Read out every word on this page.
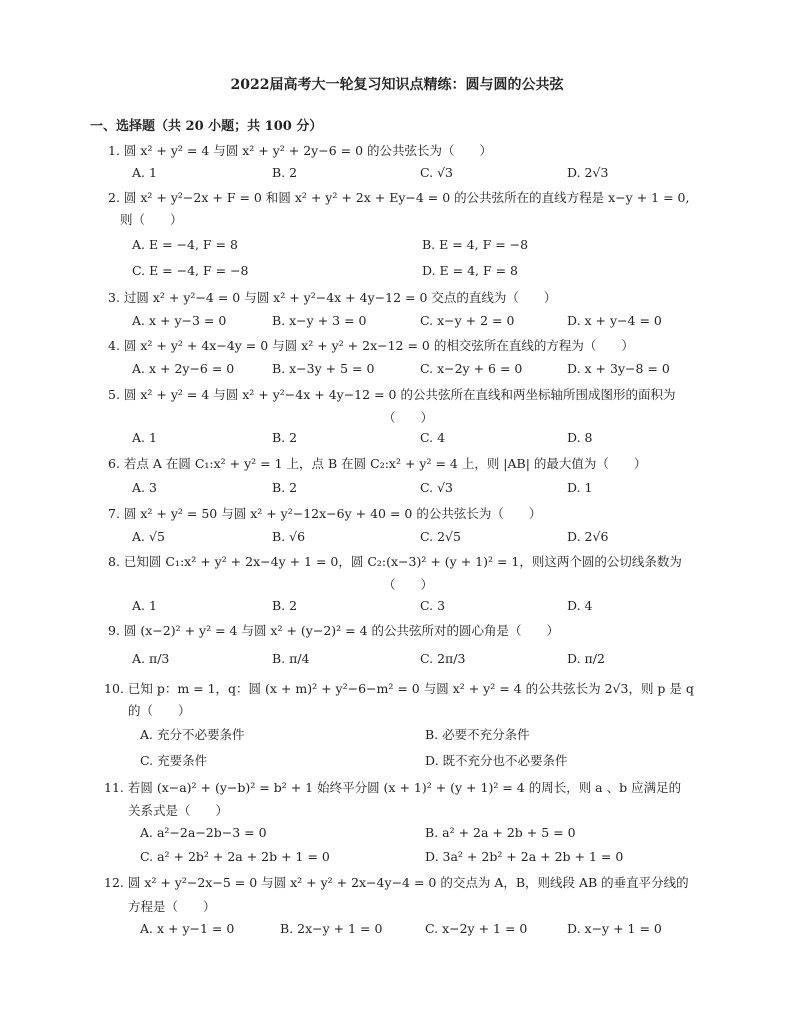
2022届高考大一轮复习知识点精练：圆与圆的公共弦
一、选择题（共 20 小题；共 100 分）
1. 圆 x² + y² = 4 与圆 x² + y² + 2y−6 = 0 的公共弦长为（　　）
A. 1	B. 2	C. √3	D. 2√3
2. 圆 x² + y²−2x + F = 0 和圆 x² + y² + 2x + Ey−4 = 0 的公共弦所在的直线方程是 x−y + 1 = 0,
则（　　）
A. E = −4, F = 8	B. E = 4, F = −8
C. E = −4, F = −8	D. E = 4, F = 8
3. 过圆 x² + y²−4 = 0 与圆 x² + y²−4x + 4y−12 = 0 交点的直线为（　　）
A. x + y−3 = 0	B. x−y + 3 = 0	C. x−y + 2 = 0	D. x + y−4 = 0
4. 圆 x² + y² + 4x−4y = 0 与圆 x² + y² + 2x−12 = 0 的相交弦所在直线的方程为（　　）
A. x + 2y−6 = 0	B. x−3y + 5 = 0	C. x−2y + 6 = 0	D. x + 3y−8 = 0
5. 圆 x² + y² = 4 与圆 x² + y²−4x + 4y−12 = 0 的公共弦所在直线和两坐标轴所围成图形的面积为
（　　）
A. 1	B. 2	C. 4	D. 8
6. 若点 A 在圆 C₁:x² + y² = 1 上，点 B 在圆 C₂:x² + y² = 4 上，则 |AB| 的最大值为（　　）
A. 3	B. 2	C. √3	D. 1
7. 圆 x² + y² = 50 与圆 x² + y²−12x−6y + 40 = 0 的公共弦长为（　　）
A. √5	B. √6	C. 2√5	D. 2√6
8. 已知圆 C₁:x² + y² + 2x−4y + 1 = 0，圆 C₂:(x−3)² + (y + 1)² = 1，则这两个圆的公切线条数为
（　　）
A. 1	B. 2	C. 3	D. 4
9. 圆 (x−2)² + y² = 4 与圆 x² + (y−2)² = 4 的公共弦所对的圆心角是（　　）
A. π/3	B. π/4	C. 2π/3	D. π/2
10. 已知 p：m = 1，q：圆 (x + m)² + y²−6−m² = 0 与圆 x² + y² = 4 的公共弦长为 2√3，则 p 是 q
的（　　）
A. 充分不必要条件	B. 必要不充分条件
C. 充要条件	D. 既不充分也不必要条件
11. 若圆 (x−a)² + (y−b)² = b² + 1 始终平分圆 (x + 1)² + (y + 1)² = 4 的周长，则 a 、b 应满足的
关系式是（　　）
A. a²−2a−2b−3 = 0	B. a² + 2a + 2b + 5 = 0
C. a² + 2b² + 2a + 2b + 1 = 0	D. 3a² + 2b² + 2a + 2b + 1 = 0
12. 圆 x² + y²−2x−5 = 0 与圆 x² + y² + 2x−4y−4 = 0 的交点为 A，B，则线段 AB 的垂直平分线的
方程是（　　）
A. x + y−1 = 0	B. 2x−y + 1 = 0	C. x−2y + 1 = 0	D. x−y + 1 = 0
